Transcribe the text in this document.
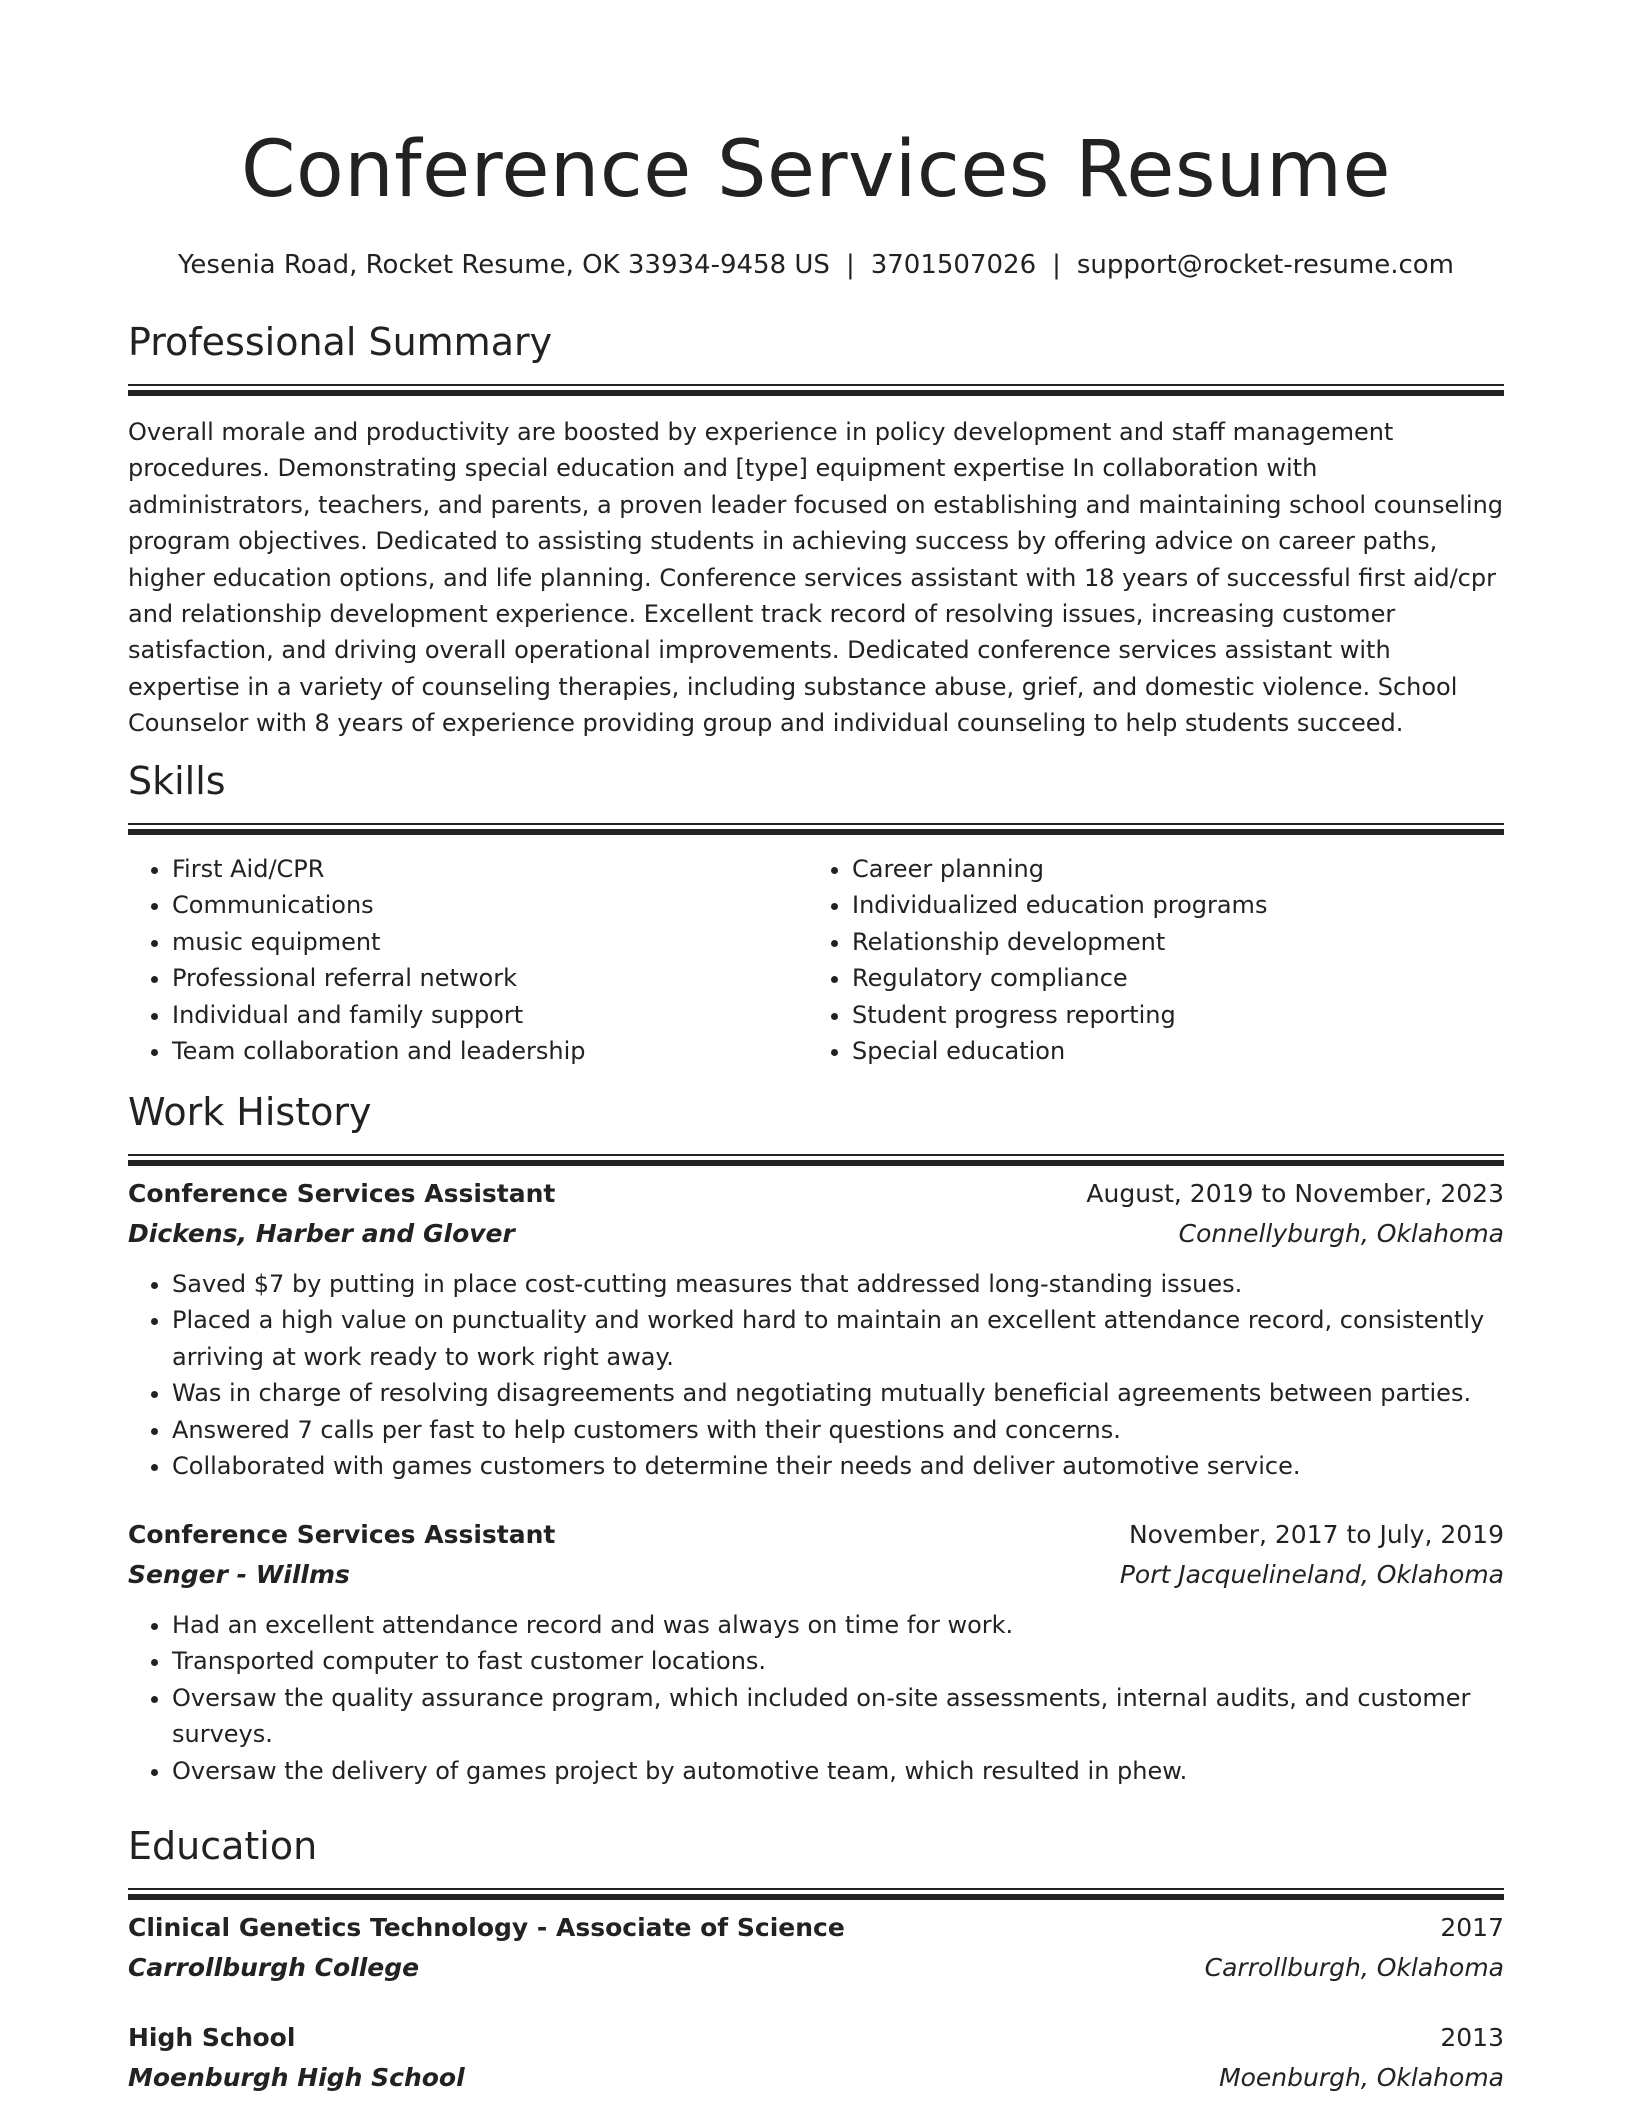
Conference Services Resume
Yesenia Road, Rocket Resume, OK 33934-9458 US | 3701507026 | support@rocket-resume.com
Professional Summary
Overall morale and productivity are boosted by experience in policy development and staff management procedures. Demonstrating special education and [type] equipment expertise In collaboration with administrators, teachers, and parents, a proven leader focused on establishing and maintaining school counseling program objectives. Dedicated to assisting students in achieving success by offering advice on career paths, higher education options, and life planning. Conference services assistant with 18 years of successful first aid/cpr and relationship development experience. Excellent track record of resolving issues, increasing customer satisfaction, and driving overall operational improvements. Dedicated conference services assistant with expertise in a variety of counseling therapies, including substance abuse, grief, and domestic violence. School Counselor with 8 years of experience providing group and individual counseling to help students succeed.
Skills
• First Aid/CPR
• Communications
• music equipment
• Professional referral network
• Individual and family support
• Team collaboration and leadership
• Career planning
• Individualized education programs
• Relationship development
• Regulatory compliance
• Student progress reporting
• Special education
Work History
Conference Services Assistant	August, 2019 to November, 2023
Dickens, Harber and Glover	Connellyburgh, Oklahoma
• Saved $7 by putting in place cost-cutting measures that addressed long-standing issues.
• Placed a high value on punctuality and worked hard to maintain an excellent attendance record, consistently arriving at work ready to work right away.
• Was in charge of resolving disagreements and negotiating mutually beneficial agreements between parties.
• Answered 7 calls per fast to help customers with their questions and concerns.
• Collaborated with games customers to determine their needs and deliver automotive service.
Conference Services Assistant	November, 2017 to July, 2019
Senger - Willms	Port Jacquelineland, Oklahoma
• Had an excellent attendance record and was always on time for work.
• Transported computer to fast customer locations.
• Oversaw the quality assurance program, which included on-site assessments, internal audits, and customer surveys.
• Oversaw the delivery of games project by automotive team, which resulted in phew.
Education
Clinical Genetics Technology - Associate of Science	2017
Carrollburgh College	Carrollburgh, Oklahoma
High School	2013
Moenburgh High School	Moenburgh, Oklahoma
